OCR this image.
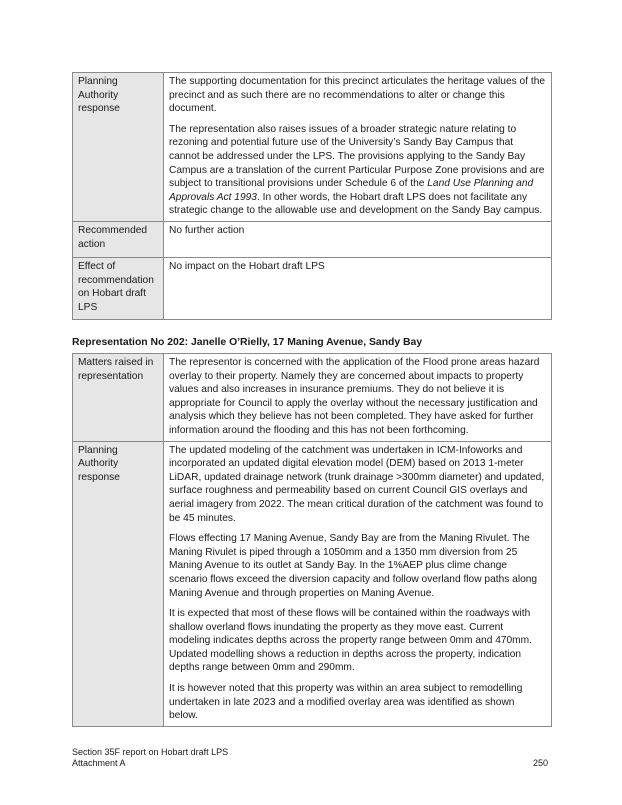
Planning Authority response	The supporting documentation for this precinct articulates the heritage values of the precinct and as such there are no recommendations to alter or change this document.

The representation also raises issues of a broader strategic nature relating to rezoning and potential future use of the University’s Sandy Bay Campus that cannot be addressed under the LPS. The provisions applying to the Sandy Bay Campus are a translation of the current Particular Purpose Zone provisions and are subject to transitional provisions under Schedule 6 of the Land Use Planning and Approvals Act 1993. In other words, the Hobart draft LPS does not facilitate any strategic change to the allowable use and development on the Sandy Bay campus.

Recommended action	No further action
Effect of recommendation on Hobart draft LPS	No impact on the Hobart draft LPS

Representation No 202: Janelle O’Rielly, 17 Maning Avenue, Sandy Bay

Matters raised in representation	The representor is concerned with the application of the Flood prone areas hazard overlay to their property. Namely they are concerned about impacts to property values and also increases in insurance premiums. They do not believe it is appropriate for Council to apply the overlay without the necessary justification and analysis which they believe has not been completed. They have asked for further information around the flooding and this has not been forthcoming.

Planning Authority response	The updated modeling of the catchment was undertaken in ICM-Infoworks and incorporated an updated digital elevation model (DEM) based on 2013 1-meter LiDAR, updated drainage network (trunk drainage >300mm diameter) and updated, surface roughness and permeability based on current Council GIS overlays and aerial imagery from 2022. The mean critical duration of the catchment was found to be 45 minutes.

Flows effecting 17 Maning Avenue, Sandy Bay are from the Maning Rivulet. The Maning Rivulet is piped through a 1050mm and a 1350 mm diversion from 25 Maning Avenue to its outlet at Sandy Bay. In the 1%AEP plus clime change scenario flows exceed the diversion capacity and follow overland flow paths along Maning Avenue and through properties on Maning Avenue.

It is expected that most of these flows will be contained within the roadways with shallow overland flows inundating the property as they move east. Current modeling indicates depths across the property range between 0mm and 470mm. Updated modelling shows a reduction in depths across the property, indication depths range between 0mm and 290mm.

It is however noted that this property was within an area subject to remodelling undertaken in late 2023 and a modified overlay area was identified as shown below.

Section 35F report on Hobart draft LPS
Attachment A	250
